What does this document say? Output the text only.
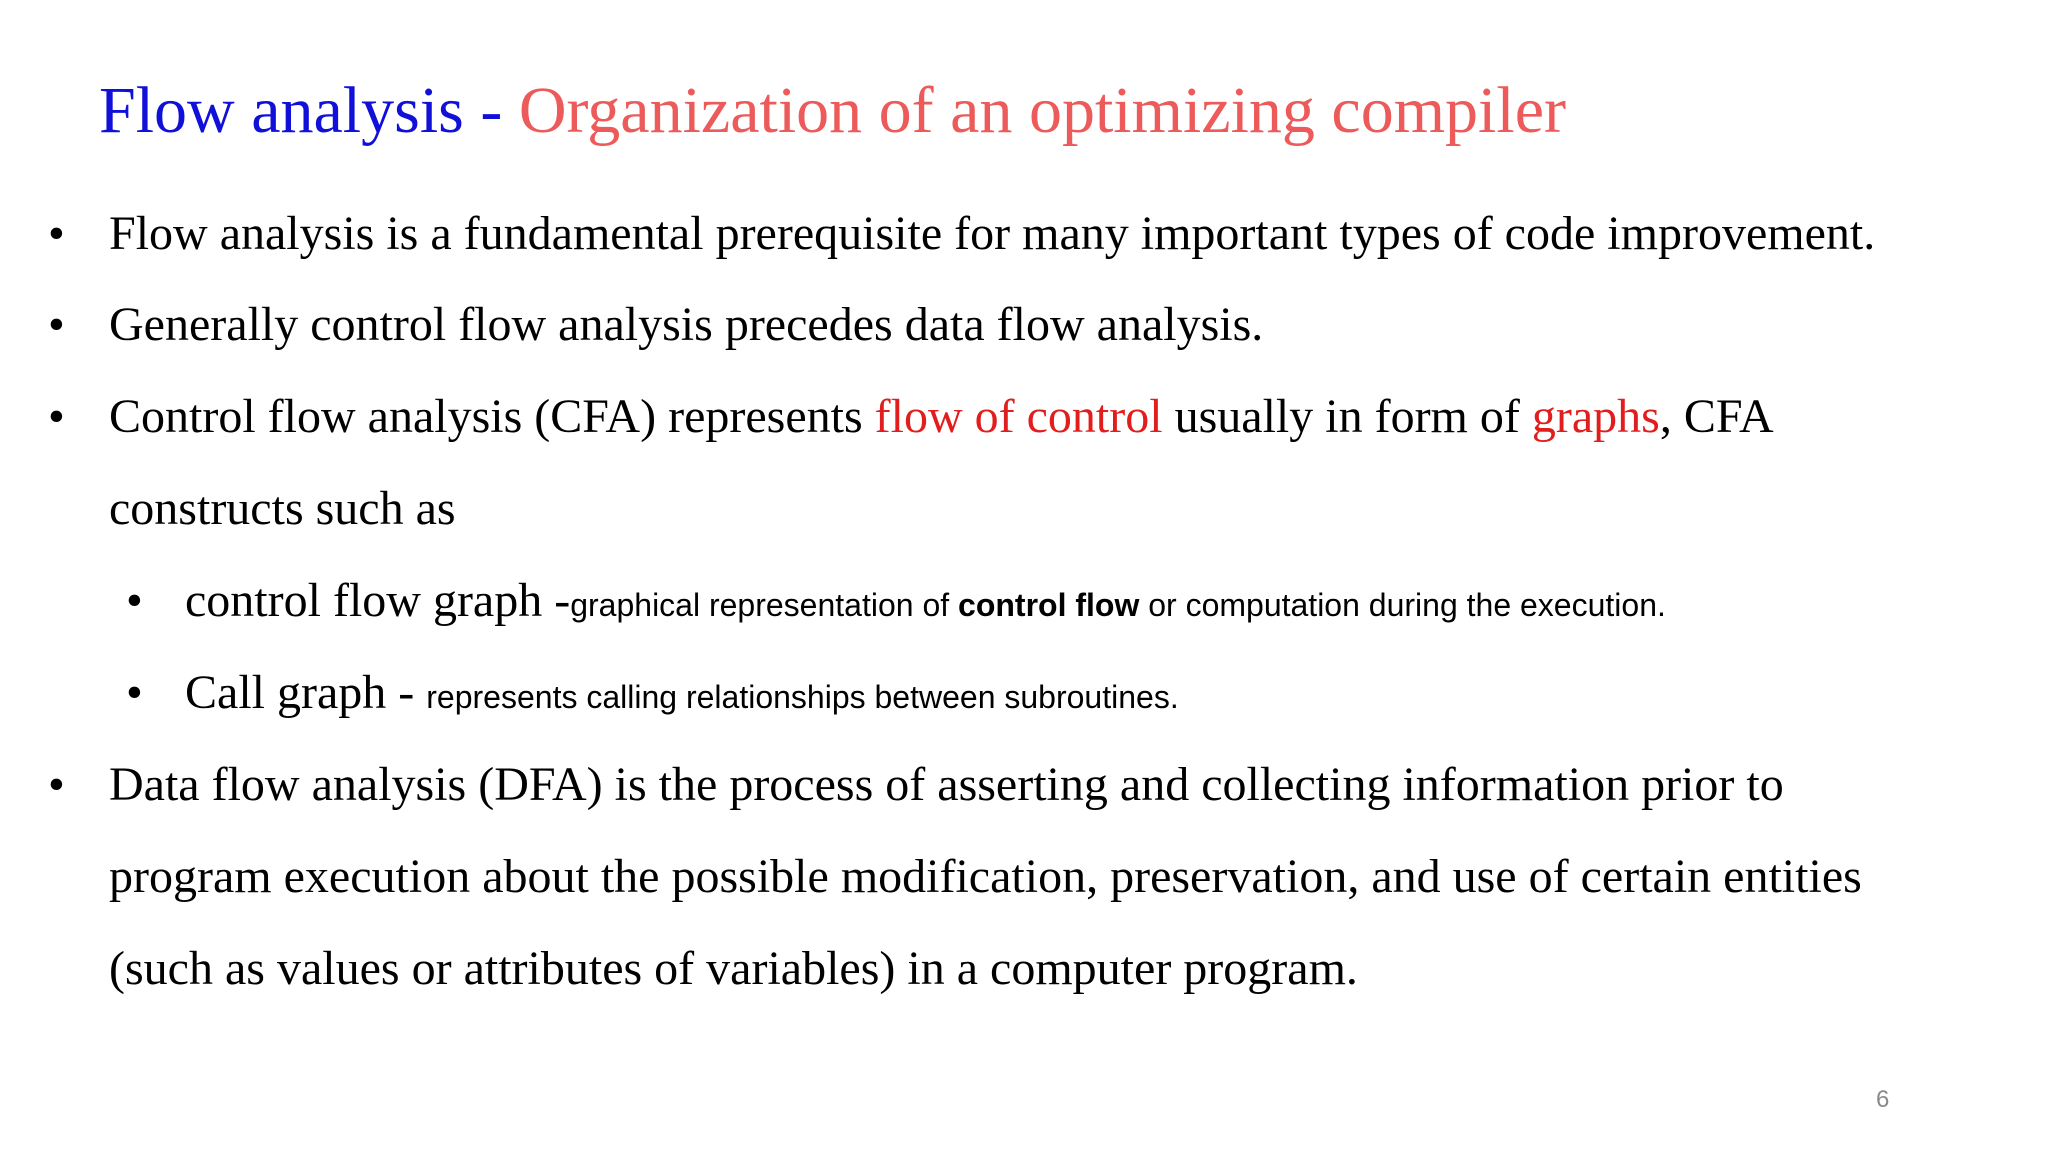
Flow analysis - Organization of an optimizing compiler
• Flow analysis is a fundamental prerequisite for many important types of code improvement.
• Generally control flow analysis precedes data flow analysis.
• Control flow analysis (CFA) represents flow of control usually in form of graphs, CFA
constructs such as
• control flow graph -graphical representation of control flow or computation during the execution.
• Call graph - represents calling relationships between subroutines.
• Data flow analysis (DFA) is the process of asserting and collecting information prior to
program execution about the possible modification, preservation, and use of certain entities
(such as values or attributes of variables) in a computer program.
6
